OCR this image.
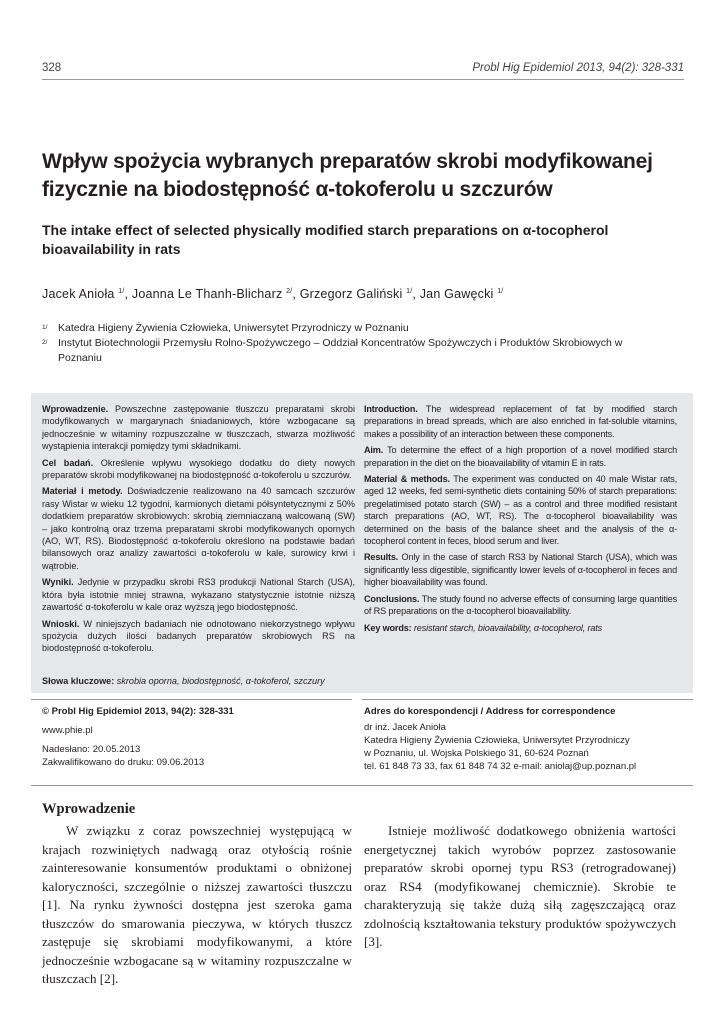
328	Probl Hig Epidemiol 2013, 94(2): 328-331
Wpływ spożycia wybranych preparatów skrobi modyfikowanej fizycznie na biodostępność α-tokoferolu u szczurów
The intake effect of selected physically modified starch preparations on α-tocopherol bioavailability in rats
Jacek Anioła $^{1/}$, Joanna Le Thanh-Blicharz $^{2/}$, Grzegorz Galiński $^{1/}$, Jan Gawęcki $^{1/}$
1/ Katedra Higieny Żywienia Człowieka, Uniwersytet Przyrodniczy w Poznaniu
2/ Instytut Biotechnologii Przemysłu Rolno-Spożywczego – Oddział Koncentratów Spożywczych i Produktów Skrobiowych w Poznaniu

Wprowadzenie. Powszechne zastępowanie tłuszczu preparatami skrobi modyfikowanych w margarynach śniadaniowych, które wzbogacane są jednocześnie w witaminy rozpuszczalne w tłuszczach, stwarza możliwość wystąpienia interakcji pomiędzy tymi składnikami.

Cel badań. Określenie wpływu wysokiego dodatku do diety nowych preparatów skrobi modyfikowanej na biodostępność α-tokoferolu u szczurów.

Materiał i metody. Doświadczenie realizowano na 40 samcach szczurów rasy Wistar w wieku 12 tygodni, karmionych dietami półsyntetycznymi z 50% dodatkiem preparatów skrobiowych: skrobią ziemniaczaną walcowaną (SW) – jako kontrolną oraz trzema preparatami skrobi modyfikowanych opornych (AO, WT, RS). Biodostępność α-tokoferolu określono na podstawie badań bilansowych oraz analizy zawartości α-tokoferolu w kale, surowicy krwi i wątrobie.

Wyniki. Jedynie w przypadku skrobi RS3 produkcji National Starch (USA), która była istotnie mniej strawna, wykazano statystycznie istotnie niższą zawartość α-tokoferolu w kale oraz wyższą jego biodostępność.

Wnioski. W niniejszych badaniach nie odnotowano niekorzystnego wpływu spożycia dużych ilości badanych preparatów skrobiowych RS na biodostępność α-tokoferolu.

Słowa kluczowe: skrobia oporna, biodostępność, α-tokoferol, szczury

Introduction. The widespread replacement of fat by modified starch preparations in bread spreads, which are also enriched in fat-soluble vitamins, makes a possibility of an interaction between these components.

Aim. To determine the effect of a high proportion of a novel modified starch preparation in the diet on the bioavailability of vitamin E in rats.

Material & methods. The experiment was conducted on 40 male Wistar rats, aged 12 weeks, fed semi-synthetic diets containing 50% of starch preparations: pregelatimised potato starch (SW) – as a control and three modified resistant starch preparations (AO, WT, RS). The α-tocopherol bioavailability was determined on the basis of the balance sheet and the analysis of the α-tocopherol content in feces, blood serum and liver.

Results. Only in the case of starch RS3 by National Starch (USA), which was significantly less digestible, significantly lower levels of α-tocopherol in feces and higher bioavailability was found.

Conclusions. The study found no adverse effects of consuming large quantities of RS preparations on the α-tocopherol bioavailability.

Key words: resistant starch, bioavailability, α-tocopherol, rats

© Probl Hig Epidemiol 2013, 94(2): 328-331
www.phie.pl
Nadesłano: 20.05.2013
Zakwalifikowano do druku: 09.06.2013
Adres do korespondencji / Address for correspondence
dr inż. Jacek Anioła
Katedra Higieny Żywienia Człowieka, Uniwersytet Przyrodniczy
w Poznaniu, ul. Wojska Polskiego 31, 60-624 Poznań
tel. 61 848 73 33, fax 61 848 74 32 e-mail: aniolaj@up.poznan.pl
Wprowadzenie

W związku z coraz powszechniej występującą w krajach rozwiniętych nadwagą oraz otyłością rośnie zainteresowanie konsumentów produktami o obniżonej kaloryczności, szczególnie o niższej zawartości tłuszczu [1]. Na rynku żywności dostępna jest szeroka gama tłuszczów do smarowania pieczywa, w których tłuszcz zastępuje się skrobiami modyfikowanymi, a które jednocześnie wzbogacane są w witaminy rozpuszczalne w tłuszczach [2].

Istnieje możliwość dodatkowego obniżenia wartości energetycznej takich wyrobów poprzez zastosowanie preparatów skrobi opornej typu RS3 (retrogradowanej) oraz RS4 (modyfikowanej chemicznie). Skrobie te charakteryzują się także dużą siłą zagęszczającą oraz zdolnością kształtowania tekstury produktów spożywczych [3].
